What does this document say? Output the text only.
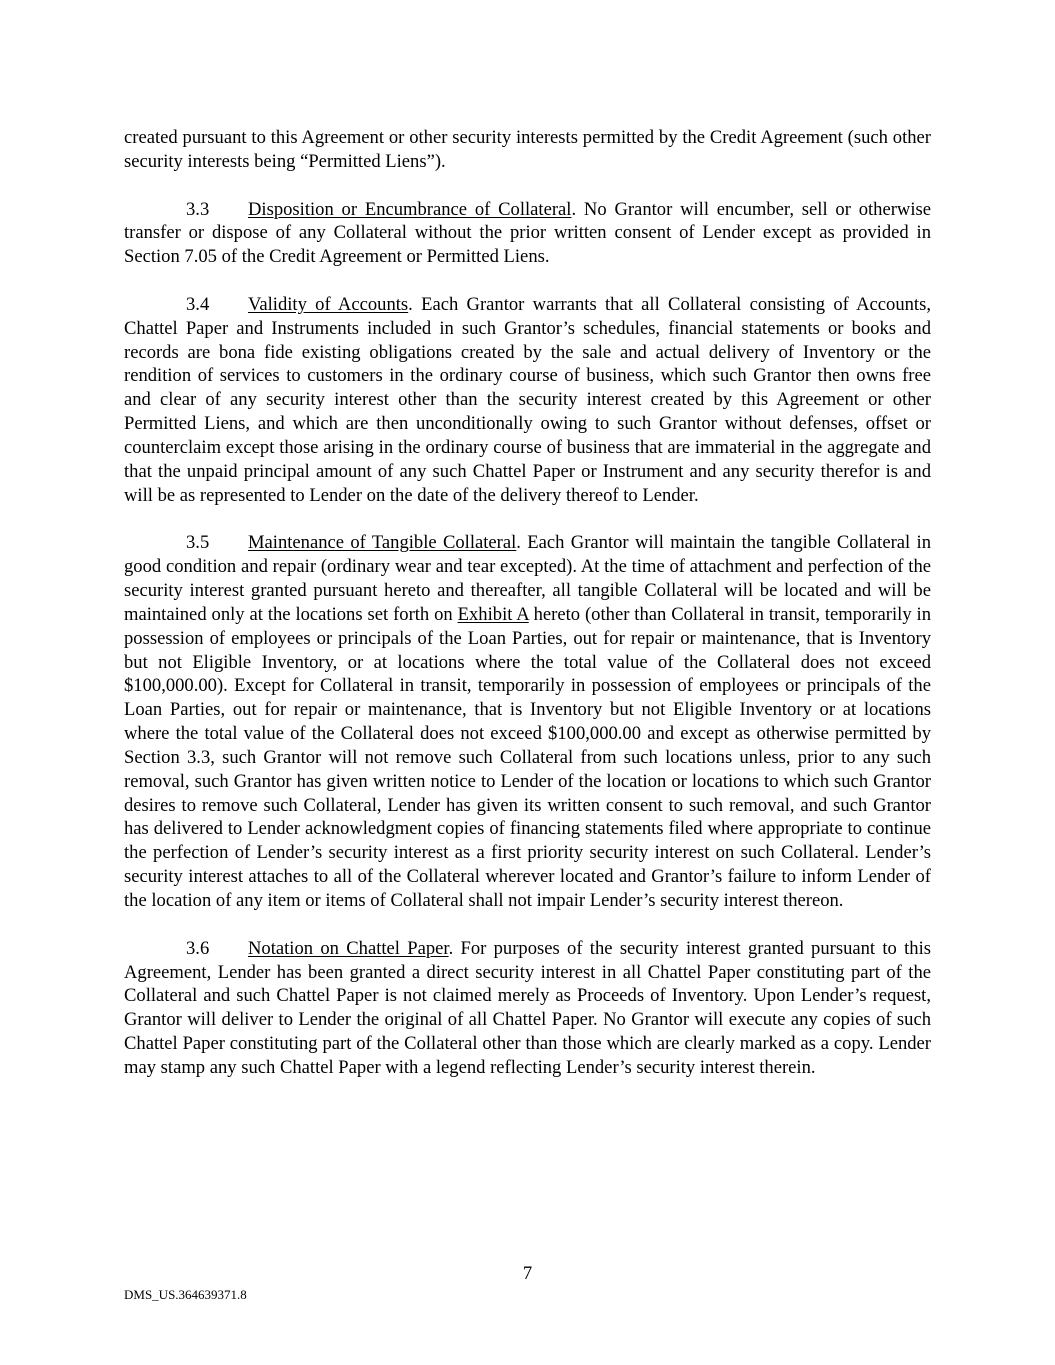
created pursuant to this Agreement or other security interests permitted by the Credit Agreement (such other security interests being “Permitted Liens”).

3.3 Disposition or Encumbrance of Collateral. No Grantor will encumber, sell or otherwise transfer or dispose of any Collateral without the prior written consent of Lender except as provided in Section 7.05 of the Credit Agreement or Permitted Liens.

3.4 Validity of Accounts. Each Grantor warrants that all Collateral consisting of Accounts, Chattel Paper and Instruments included in such Grantor’s schedules, financial statements or books and records are bona fide existing obligations created by the sale and actual delivery of Inventory or the rendition of services to customers in the ordinary course of business, which such Grantor then owns free and clear of any security interest other than the security interest created by this Agreement or other Permitted Liens, and which are then unconditionally owing to such Grantor without defenses, offset or counterclaim except those arising in the ordinary course of business that are immaterial in the aggregate and that the unpaid principal amount of any such Chattel Paper or Instrument and any security therefor is and will be as represented to Lender on the date of the delivery thereof to Lender.

3.5 Maintenance of Tangible Collateral. Each Grantor will maintain the tangible Collateral in good condition and repair (ordinary wear and tear excepted). At the time of attachment and perfection of the security interest granted pursuant hereto and thereafter, all tangible Collateral will be located and will be maintained only at the locations set forth on Exhibit A hereto (other than Collateral in transit, temporarily in possession of employees or principals of the Loan Parties, out for repair or maintenance, that is Inventory but not Eligible Inventory, or at locations where the total value of the Collateral does not exceed $100,000.00). Except for Collateral in transit, temporarily in possession of employees or principals of the Loan Parties, out for repair or maintenance, that is Inventory but not Eligible Inventory or at locations where the total value of the Collateral does not exceed $100,000.00 and except as otherwise permitted by Section 3.3, such Grantor will not remove such Collateral from such locations unless, prior to any such removal, such Grantor has given written notice to Lender of the location or locations to which such Grantor desires to remove such Collateral, Lender has given its written consent to such removal, and such Grantor has delivered to Lender acknowledgment copies of financing statements filed where appropriate to continue the perfection of Lender’s security interest as a first priority security interest on such Collateral. Lender’s security interest attaches to all of the Collateral wherever located and Grantor’s failure to inform Lender of the location of any item or items of Collateral shall not impair Lender’s security interest thereon.

3.6 Notation on Chattel Paper. For purposes of the security interest granted pursuant to this Agreement, Lender has been granted a direct security interest in all Chattel Paper constituting part of the Collateral and such Chattel Paper is not claimed merely as Proceeds of Inventory. Upon Lender’s request, Grantor will deliver to Lender the original of all Chattel Paper. No Grantor will execute any copies of such Chattel Paper constituting part of the Collateral other than those which are clearly marked as a copy. Lender may stamp any such Chattel Paper with a legend reflecting Lender’s security interest therein.

7
DMS_US.364639371.8
